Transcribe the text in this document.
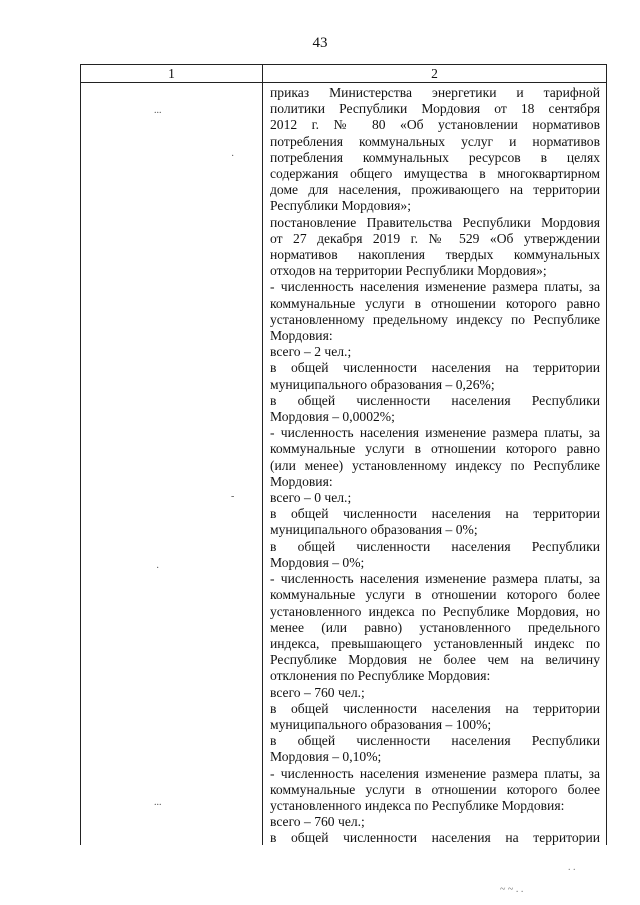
43
1	2
...
·
-
·
...
приказ Министерства энергетики и тарифной
политики Республики Мордовия от 18 сентября
2012 г. № 80 «Об установлении нормативов
потребления коммунальных услуг и нормативов
потребления коммунальных ресурсов в целях
содержания общего имущества в многоквартирном
доме для населения, проживающего на территории
Республики Мордовия»;
постановление Правительства Республики Мордовия
от 27 декабря 2019 г. № 529 «Об утверждении
нормативов накопления твердых коммунальных
отходов на территории Республики Мордовия»;
- численность населения изменение размера платы, за
коммунальные услуги в отношении которого равно
установленному предельному индексу по Республике
Мордовия:
всего – 2 чел.;
в общей численности населения на территории
муниципального образования – 0,26%;
в общей численности населения Республики
Мордовия – 0,0002%;
- численность населения изменение размера платы, за
коммунальные услуги в отношении которого равно
(или менее) установленному индексу по Республике
Мордовия:
всего – 0 чел.;
в общей численности населения на территории
муниципального образования – 0%;
в общей численности населения Республики
Мордовия – 0%;
- численность населения изменение размера платы, за
коммунальные услуги в отношении которого более
установленного индекса по Республике Мордовия, но
менее (или равно) установленного предельного
индекса, превышающего установленный индекс по
Республике Мордовия не более чем на величину
отклонения по Республике Мордовия:
всего – 760 чел.;
в общей численности населения на территории
муниципального образования – 100%;
в общей численности населения Республики
Мордовия – 0,10%;
- численность населения изменение размера платы, за
коммунальные услуги в отношении которого более
установленного индекса по Республике Мордовия:
всего – 760 чел.;
в общей численности населения на территории
. .
~ ~ . .
